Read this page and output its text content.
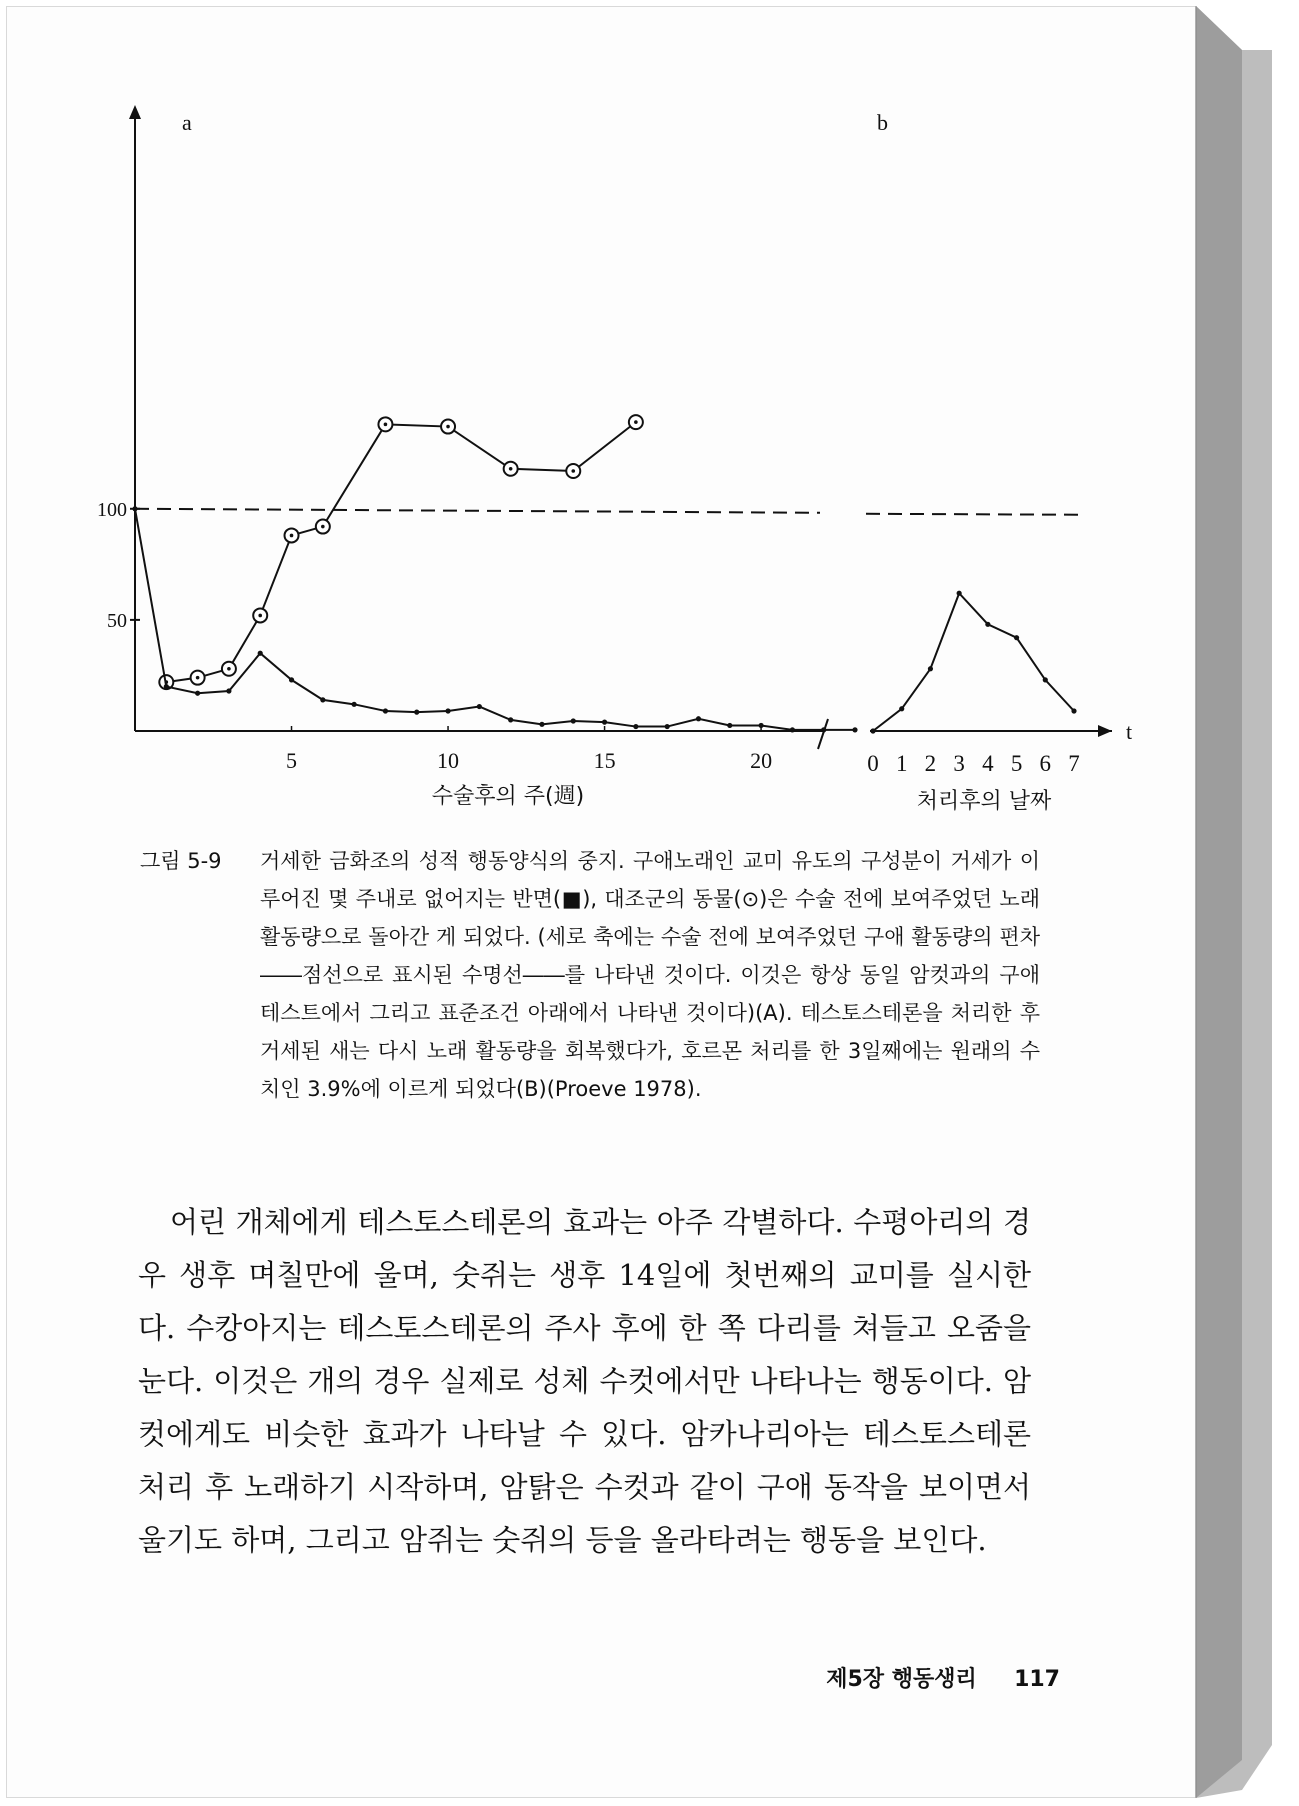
50
100
5	10	15	20
t
0 1 2 3 4 5 6 7
a	b
수술후의 주(週)	처리후의 날짜
그림 5-9 거세한 금화조의 성적 행동양식의 중지. 구애노래인 교미 유도의 구성분이 거세가 이루어진 몇 주내로 없어지는 반면(■), 대조군의 동물(⊙)은 수술 전에 보여주었던 노래 활동량으로 돌아간 게 되었다. (세로 축에는 수술 전에 보여주었던 구애 활동량의 편차――점선으로 표시된 수명선――를 나타낸 것이다. 이것은 항상 동일 암컷과의 구애 테스트에서 그리고 표준조건 아래에서 나타낸 것이다)(A). 테스토스테론을 처리한 후 거세된 새는 다시 노래 활동량을 회복했다가, 호르몬 처리를 한 3일째에는 원래의 수치인 3.9%에 이르게 되었다(B)(Proeve 1978).

어린 개체에게 테스토스테론의 효과는 아주 각별하다. 수평아리의 경우 생후 며칠만에 울며, 숫쥐는 생후 14일에 첫번째의 교미를 실시한다. 수캉아지는 테스토스테론의 주사 후에 한 쪽 다리를 쳐들고 오줌을 눈다. 이것은 개의 경우 실제로 성체 수컷에서만 나타나는 행동이다. 암컷에게도 비슷한 효과가 나타날 수 있다. 암카나리아는 테스토스테론 처리 후 노래하기 시작하며, 암탉은 수컷과 같이 구애 동작을 보이면서 울기도 하며, 그리고 암쥐는 숫쥐의 등을 올라타려는 행동을 보인다.

제5장 행동생리 117
